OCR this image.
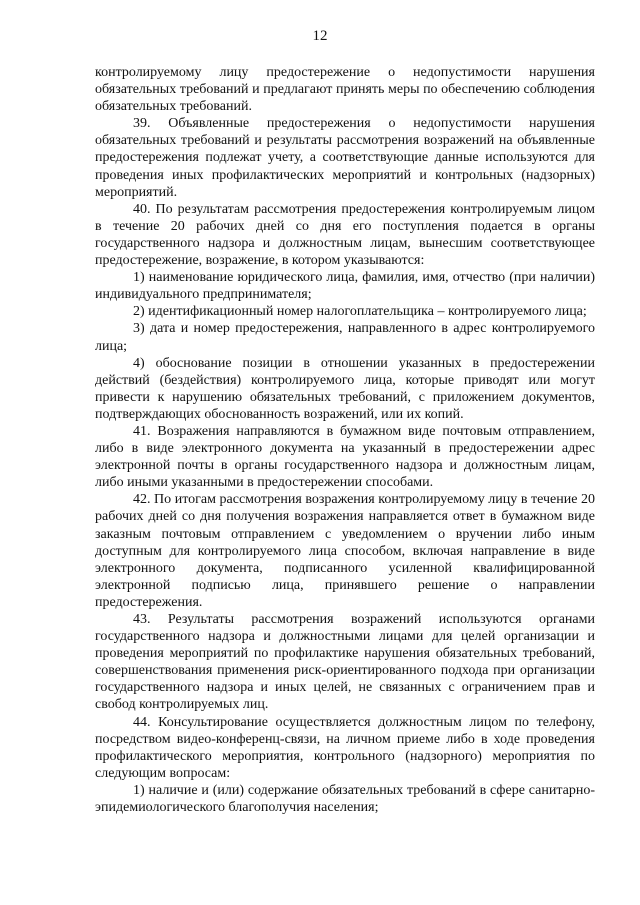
12

контролируемому лицу предостережение о недопустимости нарушения обязательных требований и предлагают принять меры по обеспечению соблюдения обязательных требований.

39. Объявленные предостережения о недопустимости нарушения обязательных требований и результаты рассмотрения возражений на объявленные предостережения подлежат учету, а соответствующие данные используются для проведения иных профилактических мероприятий и контрольных (надзорных) мероприятий.

40. По результатам рассмотрения предостережения контролируемым лицом в течение 20 рабочих дней со дня его поступления подается в органы государственного надзора и должностным лицам, вынесшим соответствующее предостережение, возражение, в котором указываются:

1) наименование юридического лица, фамилия, имя, отчество (при наличии) индивидуального предпринимателя;

2) идентификационный номер налогоплательщика – контролируемого лица;

3) дата и номер предостережения, направленного в адрес контролируемого лица;

4) обоснование позиции в отношении указанных в предостережении действий (бездействия) контролируемого лица, которые приводят или могут привести к нарушению обязательных требований, с приложением документов, подтверждающих обоснованность возражений, или их копий.

41. Возражения направляются в бумажном виде почтовым отправлением, либо в виде электронного документа на указанный в предостережении адрес электронной почты в органы государственного надзора и должностным лицам, либо иными указанными в предостережении способами.

42. По итогам рассмотрения возражения контролируемому лицу в течение 20 рабочих дней со дня получения возражения направляется ответ в бумажном виде заказным почтовым отправлением с уведомлением о вручении либо иным доступным для контролируемого лица способом, включая направление в виде электронного документа, подписанного усиленной квалифицированной электронной подписью лица, принявшего решение о направлении предостережения.

43. Результаты рассмотрения возражений используются органами государственного надзора и должностными лицами для целей организации и проведения мероприятий по профилактике нарушения обязательных требований, совершенствования применения риск-ориентированного подхода при организации государственного надзора и иных целей, не связанных с ограничением прав и свобод контролируемых лиц.

44. Консультирование осуществляется должностным лицом по телефону, посредством видео-конференц-связи, на личном приеме либо в ходе проведения профилактического мероприятия, контрольного (надзорного) мероприятия по следующим вопросам:

1) наличие и (или) содержание обязательных требований в сфере санитарно-эпидемиологического благополучия населения;
